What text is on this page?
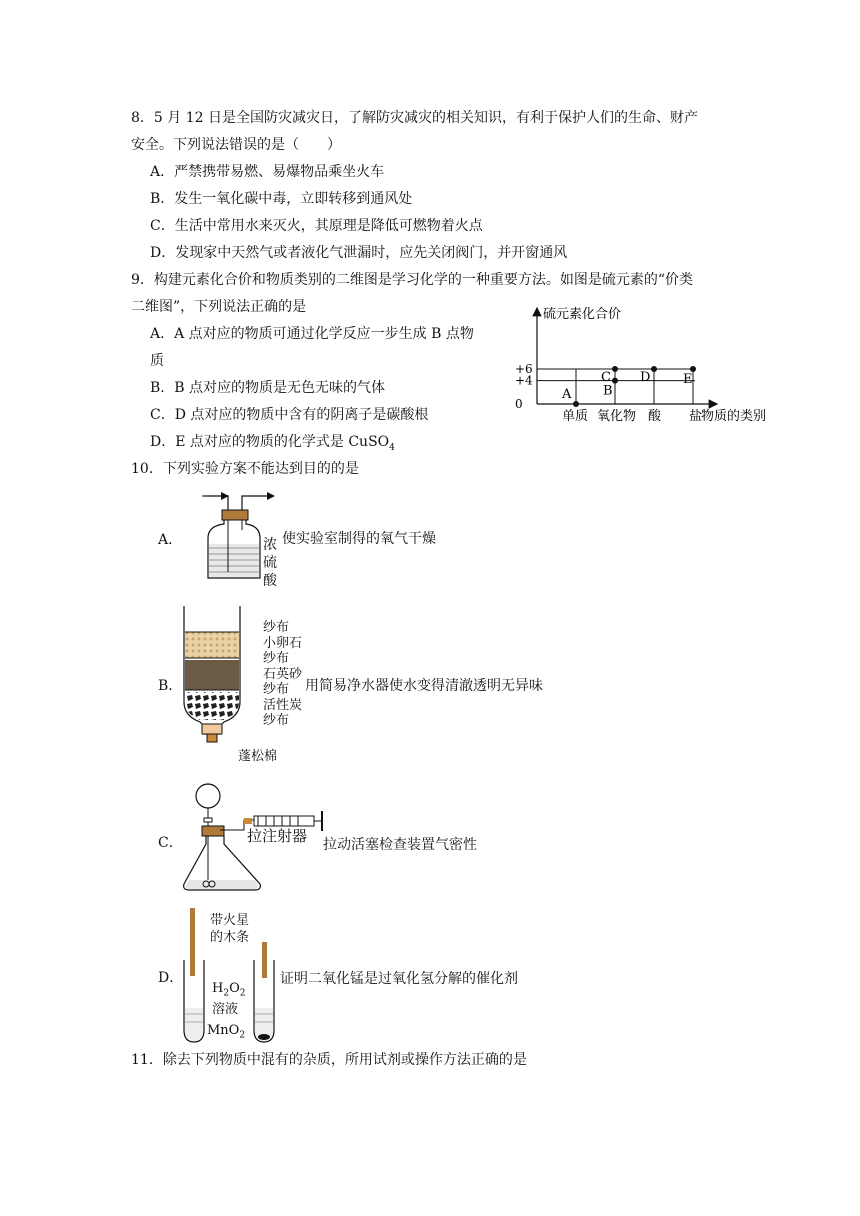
8．5 月 12 日是全国防灾减灾日，了解防灾减灾的相关知识，有利于保护人们的生命、财产
安全。下列说法错误的是（　　）
A．严禁携带易燃、易爆物品乘坐火车
B．发生一氧化碳中毒，立即转移到通风处
C．生活中常用水来灭火，其原理是降低可燃物着火点
D．发现家中天然气或者液化气泄漏时，应先关闭阀门，并开窗通风
9．构建元素化合价和物质类别的二维图是学习化学的一种重要方法。如图是硫元素的“价类
二维图”，下列说法正确的是
A．A 点对应的物质可通过化学反应一步生成 B 点物
质
B．B 点对应的物质是无色无味的气体
C．D 点对应的物质中含有的阴离子是碳酸根
D．E 点对应的物质的化学式是 CuSO$_4$
A B
C D	E
硫元素化合价
物质的类别
+6
+4
0
单质 氧化物 酸 盐
10．下列实验方案不能达到目的的是
A．	浓
硫
酸
使实验室制得的氧气干燥
B．
纱布
小卵石
纱布
石英砂
纱布
活性炭
纱布
蓬松棉
用简易净水器使水变得清澈透明无异味
C．	拉注射器 拉动活塞检查装置气密性
D．
带火星
的木条
$H_2O_2$
溶液
MnO$_2$
证明二氧化锰是过氧化氢分解的催化剂
11．除去下列物质中混有的杂质，所用试剂或操作方法正确的是
